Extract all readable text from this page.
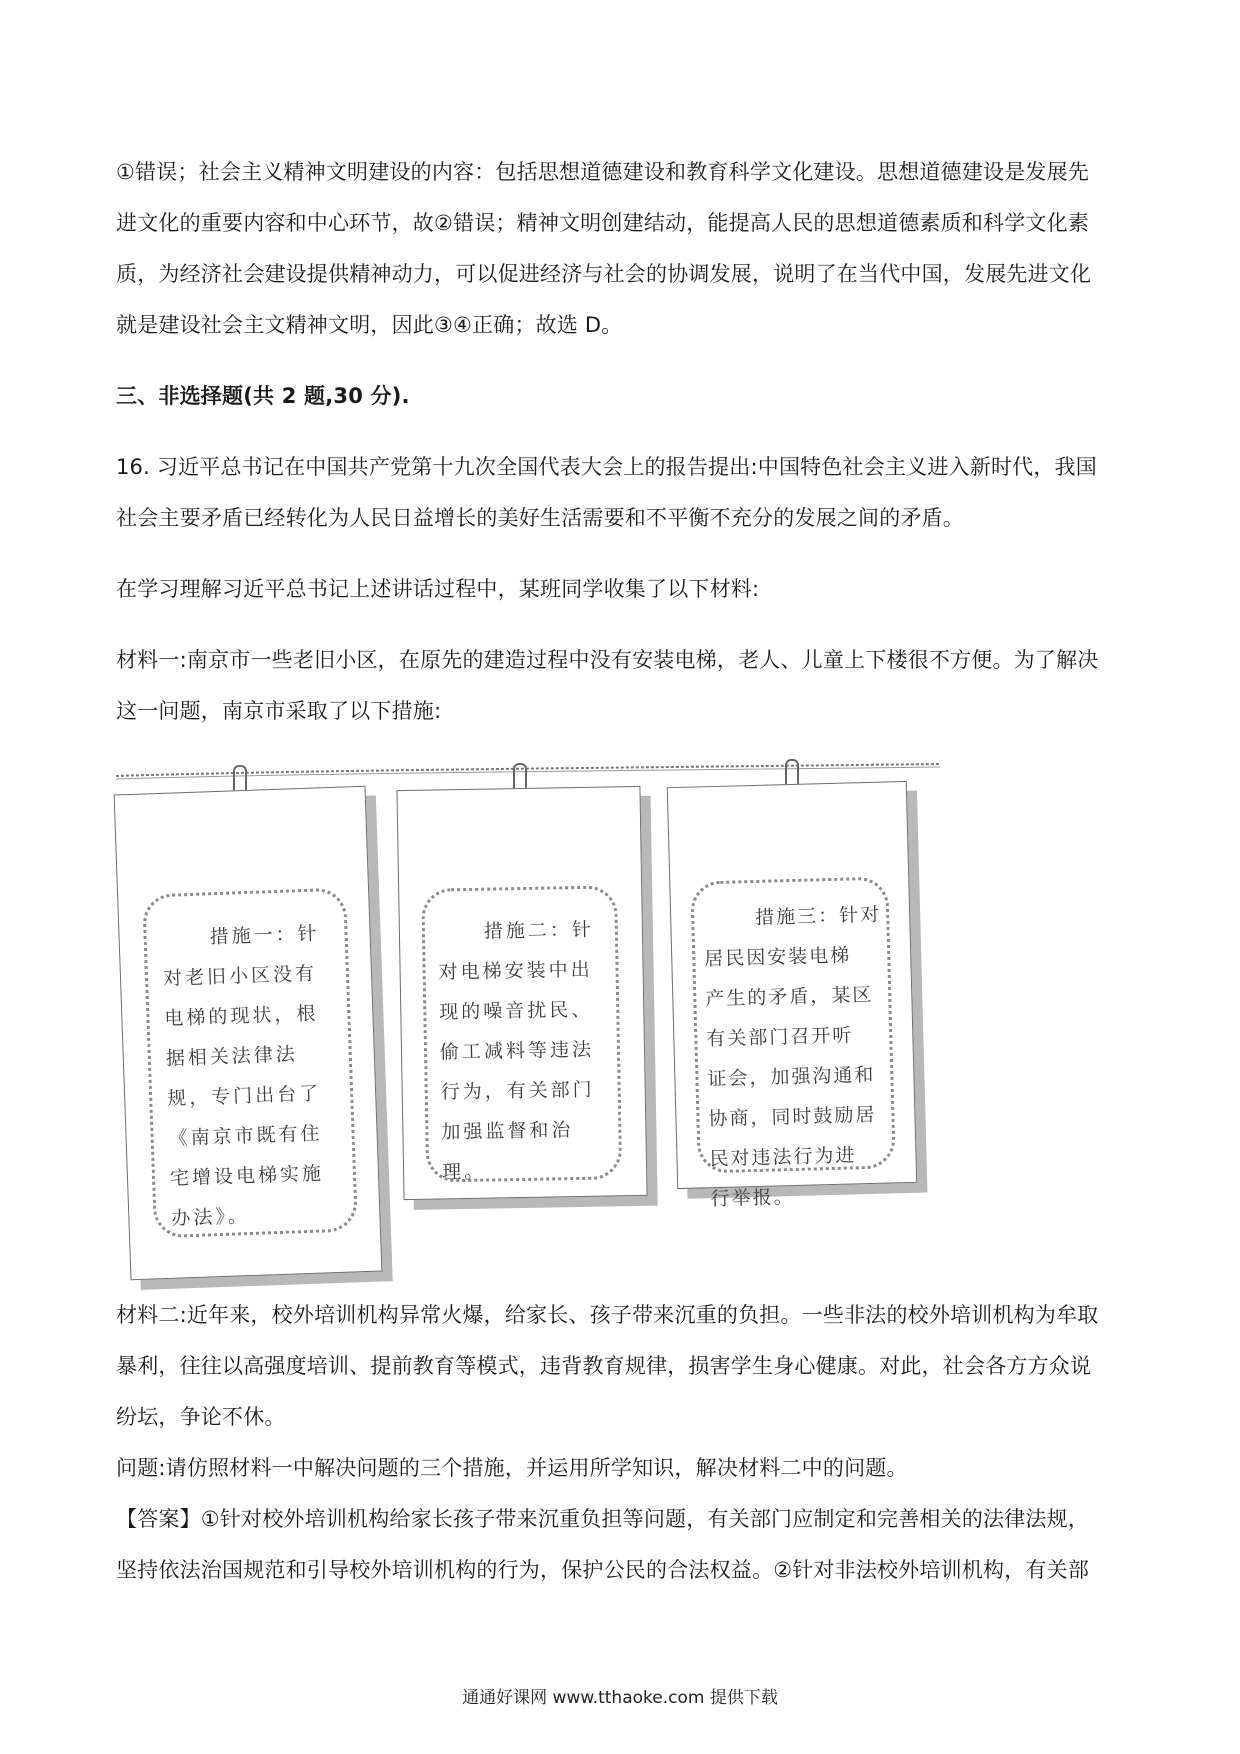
①错误；社会主义精神文明建设的内容：包括思想道德建设和教育科学文化建设。思想道德建设是发展先
进文化的重要内容和中心环节，故②错误；精神文明创建结动，能提高人民的思想道德素质和科学文化素
质，为经济社会建设提供精神动力，可以促进经济与社会的协调发展，说明了在当代中国，发展先进文化
就是建设社会主文精神文明，因此③④正确；故选 D。
三、非选择题(共 2 题,30 分).
16. 习近平总书记在中国共产党第十九次全国代表大会上的报告提出:中国特色社会主义进入新时代，我国
社会主要矛盾已经转化为人民日益增长的美好生活需要和不平衡不充分的发展之间的矛盾。
在学习理解习近平总书记上述讲话过程中，某班同学收集了以下材料:
材料一:南京市一些老旧小区，在原先的建造过程中没有安装电梯，老人、儿童上下楼很不方便。为了解决
这一问题，南京市采取了以下措施:
措施一：针
对老旧小区没有
电梯的现状，根
据相关法律法
规，专门出台了
《南京市既有住
宅增设电梯实施
办法》。
措施二：针
对电梯安装中出
现的噪音扰民、
偷工减料等违法
行为，有关部门
加强监督和治
理。
措施三：针对
居民因安装电梯
产生的矛盾，某区
有关部门召开听
证会，加强沟通和
协商，同时鼓励居
民对违法行为进
行举报。
材料二:近年来，校外培训机构异常火爆，给家长、孩子带来沉重的负担。一些非法的校外培训机构为牟取
暴利，往往以高强度培训、提前教育等模式，违背教育规律，损害学生身心健康。对此，社会各方方众说
纷坛，争论不休。
问题:请仿照材料一中解决问题的三个措施，并运用所学知识，解决材料二中的问题。
【答案】①针对校外培训机构给家长孩子带来沉重负担等问题，有关部门应制定和完善相关的法律法规，
坚持依法治国规范和引导校外培训机构的行为，保护公民的合法权益。②针对非法校外培训机构，有关部
通通好课网 www.tthaoke.com 提供下载
